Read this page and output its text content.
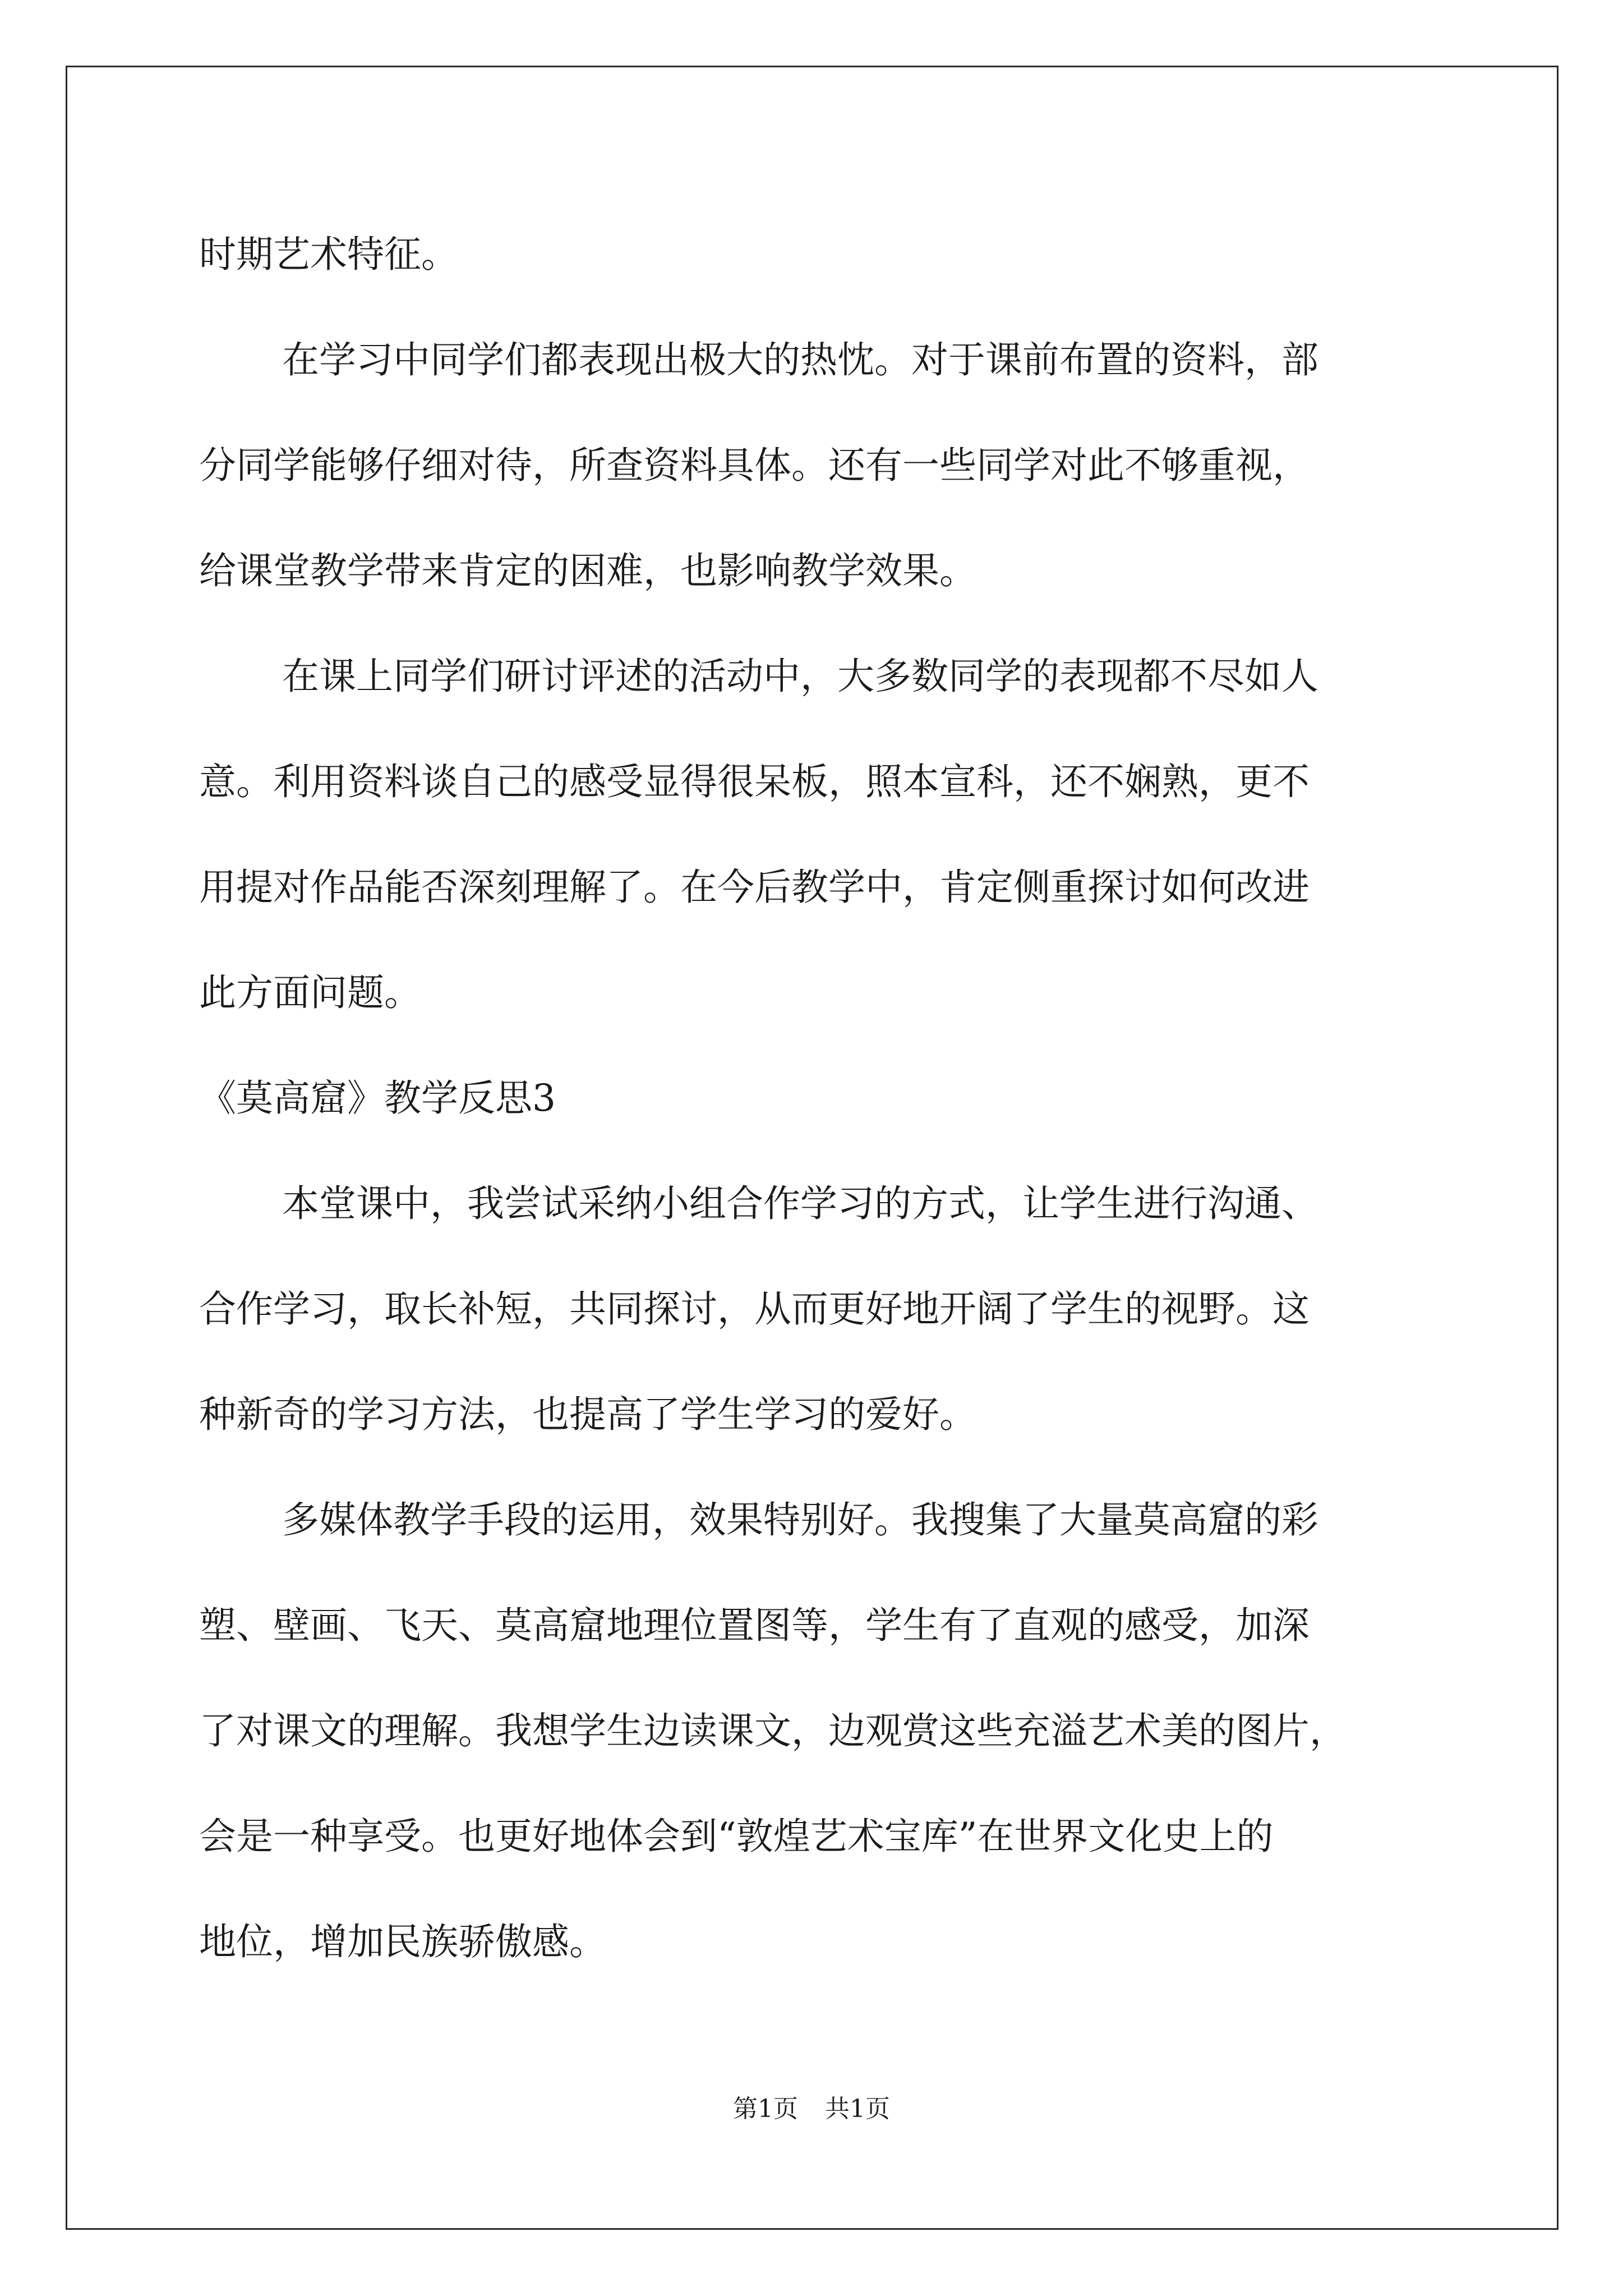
时期艺术特征。
在学习中同学们都表现出极大的热忱。对于课前布置的资料，部
分同学能够仔细对待，所查资料具体。还有一些同学对此不够重视，
给课堂教学带来肯定的困难，也影响教学效果。
在课上同学们研讨评述的活动中，大多数同学的表现都不尽如人
意。利用资料谈自己的感受显得很呆板，照本宣科，还不娴熟，更不
用提对作品能否深刻理解了。在今后教学中，肯定侧重探讨如何改进
此方面问题。
《莫高窟》教学反思3
本堂课中，我尝试采纳小组合作学习的方式，让学生进行沟通、
合作学习，取长补短，共同探讨，从而更好地开阔了学生的视野。这
种新奇的学习方法，也提高了学生学习的爱好。
多媒体教学手段的运用，效果特别好。我搜集了大量莫高窟的彩
塑、壁画、飞天、莫高窟地理位置图等，学生有了直观的感受，加深
了对课文的理解。我想学生边读课文，边观赏这些充溢艺术美的图片，
会是一种享受。也更好地体会到“敦煌艺术宝库”在世界文化史上的
地位，增加民族骄傲感。
第1页 共1页
